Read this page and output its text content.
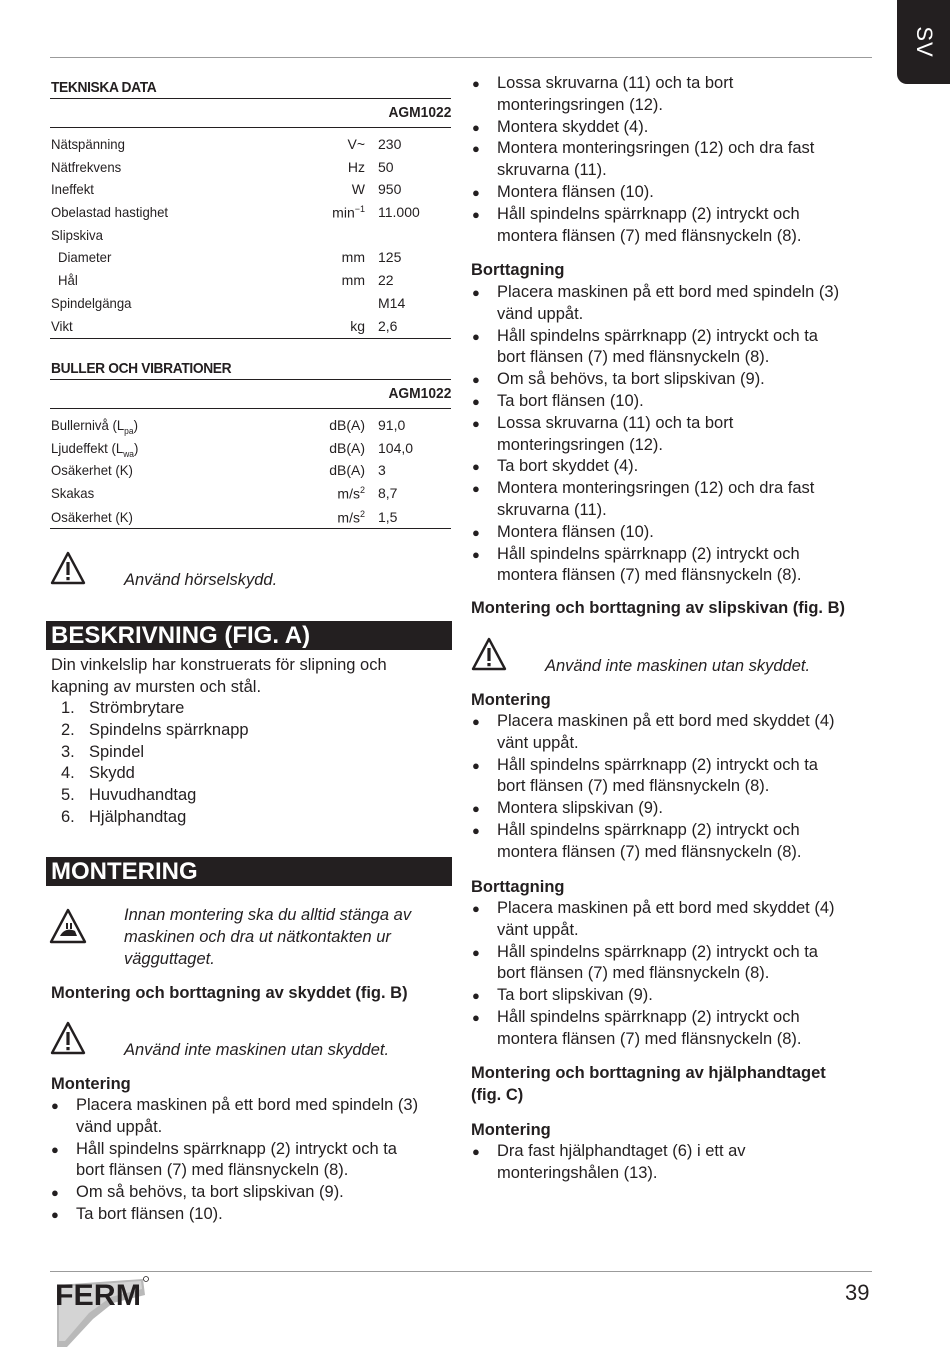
SV
TEKNISKA DATA
AGM1022
Nätspänning	V~ 230
Nätfrekvens	Hz 50
Ineffekt	W 950
Obelastad hastighet	$\min^{-1} 11.000$
Slipskiva
Diameter	mm 125
Hål	mm 22
Spindelgänga	M14
Vikt	kg 2,6
BULLER OCH VIBRATIONER
AGM1022
Bullernivå $(L_{pa})$	dB(A) 91,0
Ljudeffekt $(L_{wa})$	dB(A) 104,0
Osäkerhet (K)	dB(A) 3
Skakas	$m/s^2$ 8,7
Osäkerhet (K)	$m/s^2$ 1,5
Använd hörselskydd.
BESKRIVNING (FIG. A)
Din vinkelslip har konstruerats för slipning och
kapning av mursten och stål.
1. Strömbrytare
2. Spindelns spärrknapp
3. Spindel
4. Skydd
5. Huvudhandtag
6. Hjälphandtag
MONTERING
Innan montering ska du alltid stänga av
maskinen och dra ut nätkontakten ur
vägguttaget.
Montering och borttagning av skyddet (fig. B)
Använd inte maskinen utan skyddet.
Montering
● Placera maskinen på ett bord med spindeln (3)
vänd uppåt.
● Håll spindelns spärrknapp (2) intryckt och ta
bort flänsen (7) med flänsnyckeln (8).
● Om så behövs, ta bort slipskivan (9).
● Ta bort flänsen (10).
● Lossa skruvarna (11) och ta bort
monteringsringen (12).
● Montera skyddet (4).
● Montera monteringsringen (12) och dra fast
skruvarna (11).
● Montera flänsen (10).
● Håll spindelns spärrknapp (2) intryckt och
montera flänsen (7) med flänsnyckeln (8).
Borttagning
● Placera maskinen på ett bord med spindeln (3)
vänd uppåt.
● Håll spindelns spärrknapp (2) intryckt och ta
bort flänsen (7) med flänsnyckeln (8).
● Om så behövs, ta bort slipskivan (9).
● Ta bort flänsen (10).
● Lossa skruvarna (11) och ta bort
monteringsringen (12).
● Ta bort skyddet (4).
● Montera monteringsringen (12) och dra fast
skruvarna (11).
● Montera flänsen (10).
● Håll spindelns spärrknapp (2) intryckt och
montera flänsen (7) med flänsnyckeln (8).
Montering och borttagning av slipskivan (fig. B)
Använd inte maskinen utan skyddet.
Montering
● Placera maskinen på ett bord med skyddet (4)
vänt uppåt.
● Håll spindelns spärrknapp (2) intryckt och ta
bort flänsen (7) med flänsnyckeln (8).
● Montera slipskivan (9).
● Håll spindelns spärrknapp (2) intryckt och
montera flänsen (7) med flänsnyckeln (8).
Borttagning
● Placera maskinen på ett bord med skyddet (4)
vänt uppåt.
● Håll spindelns spärrknapp (2) intryckt och ta
bort flänsen (7) med flänsnyckeln (8).
● Ta bort slipskivan (9).
● Håll spindelns spärrknapp (2) intryckt och
montera flänsen (7) med flänsnyckeln (8).
Montering och borttagning av hjälphandtaget
(fig. C)
Montering
● Dra fast hjälphandtaget (6) i ett av
monteringshålen (13).
FERM	39
